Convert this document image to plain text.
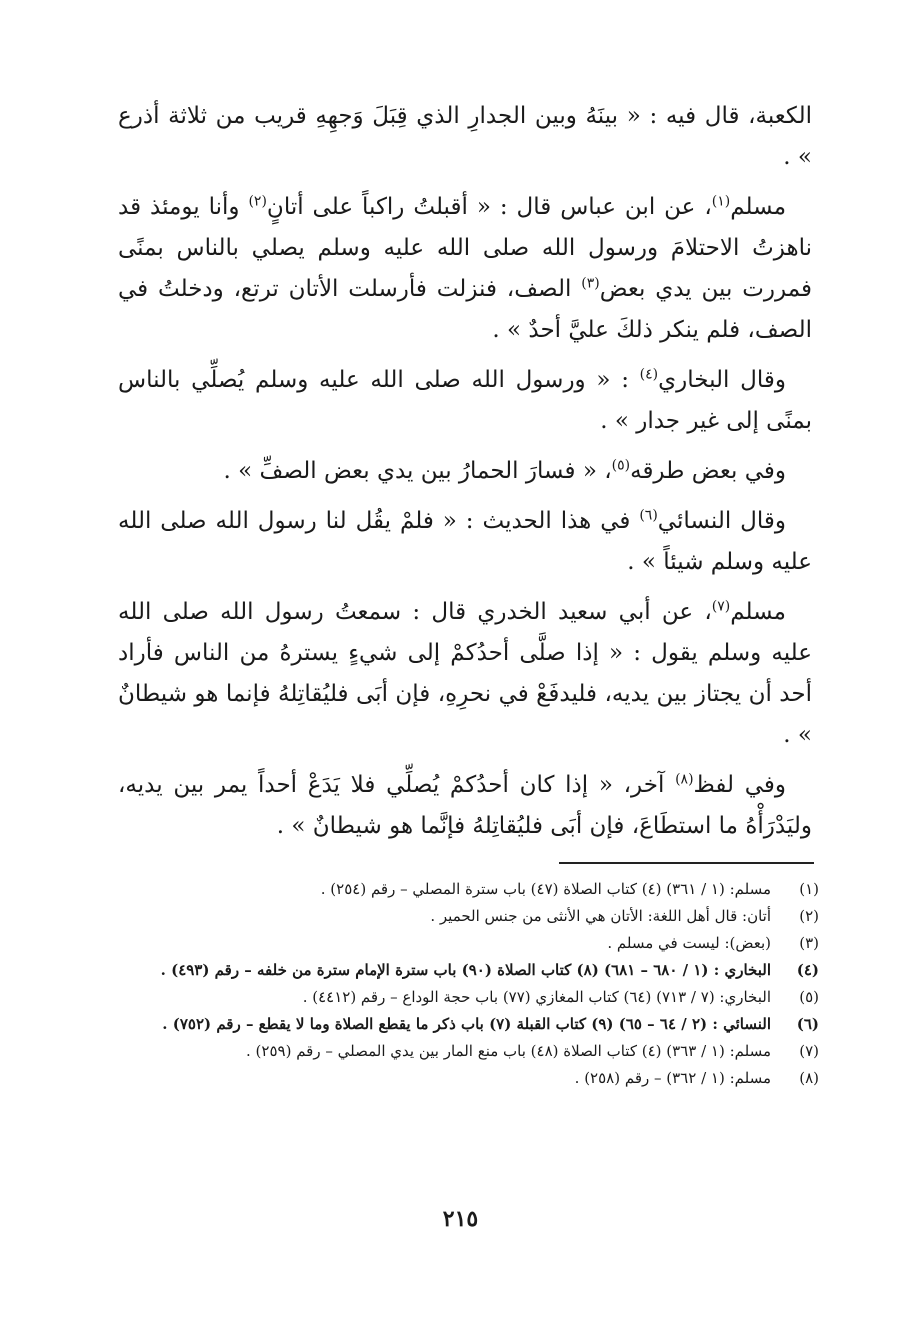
الكعبة، قال فيه : « بينَهُ وبين الجدارِ الذي قِبَلَ وَجهِهِ قريب من ثلاثة أذرع » .

مسلم$^{(١)}$، عن ابن عباس قال : « أقبلتُ راكباً على أتانٍ$^{(٢)}$ وأنا يومئذ قد ناهزتُ الاحتلامَ ورسول الله صلى الله عليه وسلم يصلي بالناس بمنًى فمررت بين يدي بعض$^{(٣)}$ الصف، فنزلت فأرسلت الأتان ترتع، ودخلتُ في الصف، فلم ينكر ذلكَ عليَّ أحدٌ » .

وقال البخاري$^{(٤)}$ : « ورسول الله صلى الله عليه وسلم يُصلِّي بالناس بمنًى إلى غير جدار » .

وفي بعض طرقه$^{(٥)}$، « فسارَ الحمارُ بين يدي بعض الصفِّ » .

وقال النسائي$^{(٦)}$ في هذا الحديث : « فلمْ يقُل لنا رسول الله صلى الله عليه وسلم شيئاً » .

مسلم$^{(٧)}$، عن أبي سعيد الخدري قال : سمعتُ رسول الله صلى الله عليه وسلم يقول : « إذا صلَّى أحدُكمْ إلى شيءٍ يسترهُ من الناس فأراد أحد أن يجتاز بين يديه، فليدفَعْ في نحرِهِ، فإن أبَى فليُقاتِلهُ فإنما هو شيطانٌ » .

وفي لفظ$^{(٨)}$ آخر، « إذا كان أحدُكمْ يُصلِّي فلا يَدَعْ أحداً يمر بين يديه، وليَدْرَأْهُ ما استطَاعَ، فإن أبَى فليُقاتِلهُ فإنَّما هو شيطانٌ » .

(١)
مسلم: (١ / ٣٦١) (٤) كتاب الصلاة (٤٧) باب سترة المصلي – رقم (٢٥٤) .
(٢)
أتان: قال أهل اللغة: الأتان هي الأنثى من جنس الحمير .
(٣)
(بعض): ليست في مسلم .
(٤)
البخاري : (١ / ٦٨٠ – ٦٨١) (٨) كتاب الصلاة (٩٠) باب سترة الإمام سترة من خلفه – رقم (٤٩٣) .
(٥)
البخاري: (٧ / ٧١٣) (٦٤) كتاب المغازي (٧٧) باب حجة الوداع – رقم (٤٤١٢) .
(٦)
النسائي : (٢ / ٦٤ – ٦٥) (٩) كتاب القبلة (٧) باب ذكر ما يقطع الصلاة وما لا يقطع – رقم (٧٥٢) .
(٧)
مسلم: (١ / ٣٦٣) (٤) كتاب الصلاة (٤٨) باب منع المار بين يدي المصلي – رقم (٢٥٩) .
(٨)
مسلم: (١ / ٣٦٢) – رقم (٢٥٨) .
٢١٥
